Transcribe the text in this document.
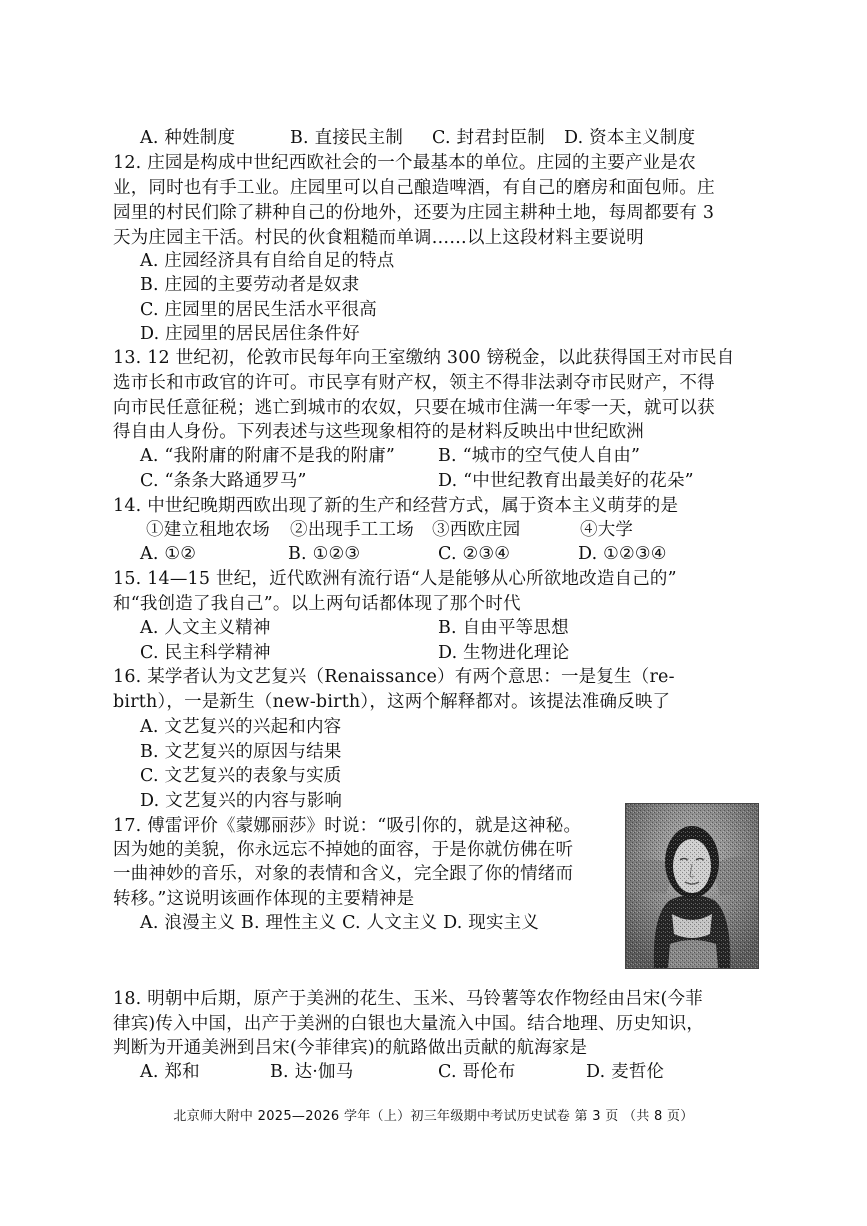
A. 种姓制度	B. 直接民主制 C. 封君封臣制 D. 资本主义制度
12. 庄园是构成中世纪西欧社会的一个最基本的单位。庄园的主要产业是农
业，同时也有手工业。庄园里可以自己酿造啤酒，有自己的磨房和面包师。庄
园里的村民们除了耕种自己的份地外，还要为庄园主耕种土地，每周都要有 3
天为庄园主干活。村民的伙食粗糙而单调……以上这段材料主要说明
A. 庄园经济具有自给自足的特点
B. 庄园的主要劳动者是奴隶
C. 庄园里的居民生活水平很高
D. 庄园里的居民居住条件好
13. 12 世纪初，伦敦市民每年向王室缴纳 300 镑税金，以此获得国王对市民自
选市长和市政官的许可。市民享有财产权，领主不得非法剥夺市民财产，不得
向市民任意征税；逃亡到城市的农奴，只要在城市住满一年零一天，就可以获
得自由人身份。下列表述与这些现象相符的是材料反映出中世纪欧洲
A. “我附庸的附庸不是我的附庸” B. “城市的空气使人自由”
C. “条条大路通罗马”	D. “中世纪教育出最美好的花朵”
14. 中世纪晚期西欧出现了新的生产和经营方式，属于资本主义萌芽的是
①建立租地农场 ②出现手工工场 ③西欧庄园	④大学
A. ①②	B. ①②③	C. ②③④	D. ①②③④
15. 14—15 世纪，近代欧洲有流行语“人是能够从心所欲地改造自己的”
和“我创造了我自己”。以上两句话都体现了那个时代
A. 人文主义精神	B. 自由平等思想
C. 民主科学精神	D. 生物进化理论
16. 某学者认为文艺复兴（Renaissance）有两个意思：一是复生（re-
birth），一是新生（new-birth），这两个解释都对。该提法准确反映了
A. 文艺复兴的兴起和内容
B. 文艺复兴的原因与结果
C. 文艺复兴的表象与实质
D. 文艺复兴的内容与影响
17. 傅雷评价《蒙娜丽莎》时说：“吸引你的，就是这神秘。
因为她的美貌，你永远忘不掉她的面容，于是你就仿佛在听
一曲神妙的音乐，对象的表情和含义，完全跟了你的情绪而
转移。”这说明该画作体现的主要精神是
A. 浪漫主义 B. 理性主义 C. 人文主义 D. 现实主义
18. 明朝中后期，原产于美洲的花生、玉米、马铃薯等农作物经由吕宋(今菲
律宾)传入中国，出产于美洲的白银也大量流入中国。结合地理、历史知识，
判断为开通美洲到吕宋(今菲律宾)的航路做出贡献的航海家是
A. 郑和	B. 达·伽马	C. 哥伦布	D. 麦哲伦
北京师大附中 2025—2026 学年（上）初三年级期中考试历史试卷 第 3 页 （共 8 页）
